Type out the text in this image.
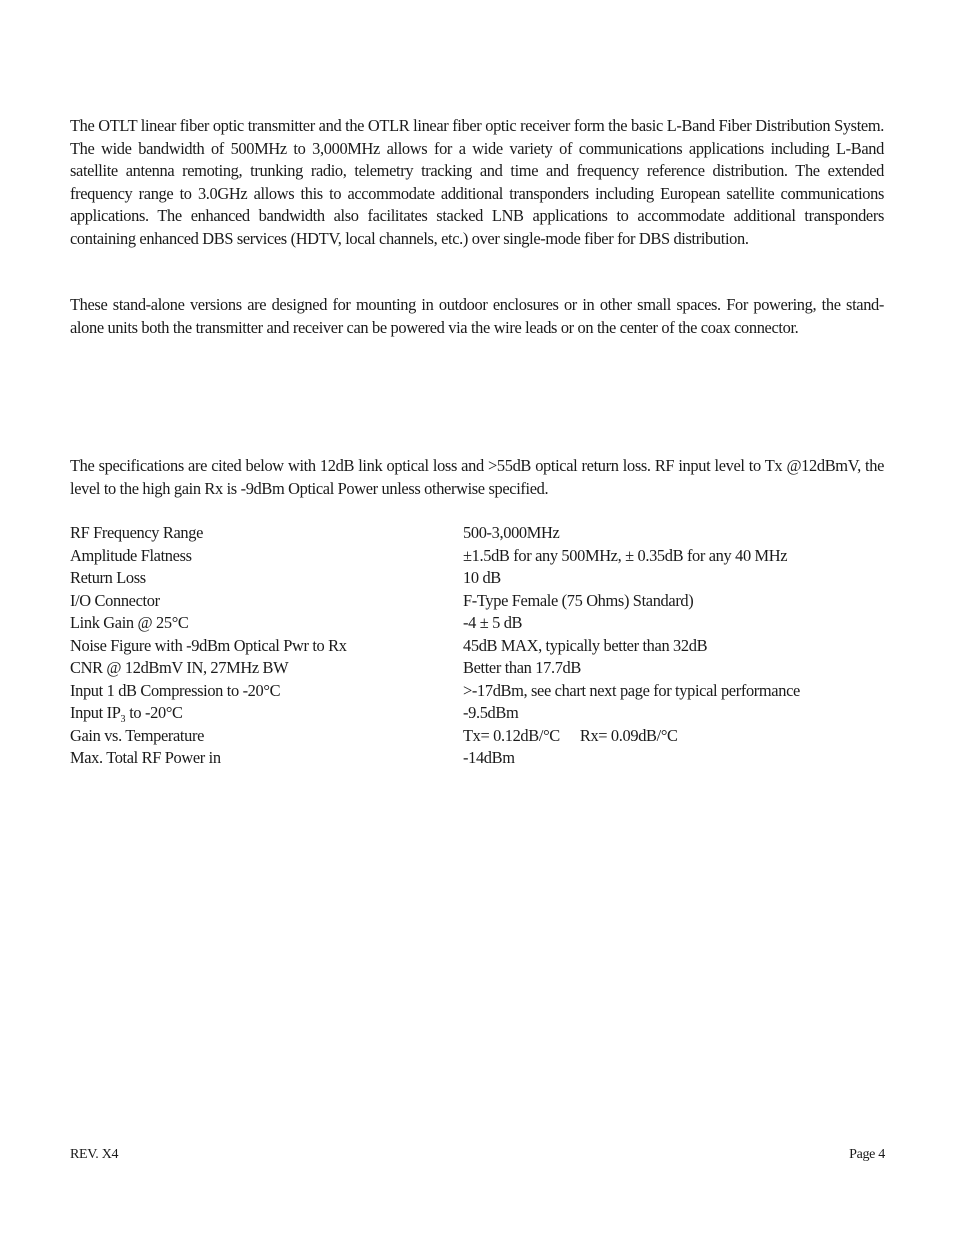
The OTLT linear fiber optic transmitter and the OTLR linear fiber optic receiver form the basic L-Band Fiber Distribution System. The wide bandwidth of 500MHz to 3,000MHz allows for a wide variety of communications applications including L-Band satellite antenna remoting, trunking radio, telemetry tracking and time and frequency reference distribution. The extended frequency range to 3.0GHz allows this to accommodate additional transponders including European satellite communications applications. The enhanced bandwidth also facilitates stacked LNB applications to accommodate additional transponders containing enhanced DBS services (HDTV, local channels, etc.) over single-mode fiber for DBS distribution.

These stand-alone versions are designed for mounting in outdoor enclosures or in other small spaces. For powering, the stand-alone units both the transmitter and receiver can be powered via the wire leads or on the center of the coax connector.

The specifications are cited below with 12dB link optical loss and >55dB optical return loss. RF input level to Tx @12dBmV, the level to the high gain Rx is -9dBm Optical Power unless otherwise specified.

RF Frequency Range	500-3,000MHz
Amplitude Flatness	±1.5dB for any 500MHz, ± 0.35dB for any 40 MHz
Return Loss	10 dB
I/O Connector	F-Type Female (75 Ohms) Standard)
Link Gain @ 25°C	-4 ± 5 dB
Noise Figure with -9dBm Optical Pwr to Rx	45dB MAX, typically better than 32dB
CNR @ 12dBmV IN, 27MHz BW	Better than 17.7dB
Input 1 dB Compression to -20°C	>-17dBm, see chart next page for typical performance
Input $IP_3$ to -20°C	-9.5dBm
Gain vs. Temperature	Tx= 0.12dB/°C Rx= 0.09dB/°C
Max. Total RF Power in	-14dBm
REV. X4	Page 4
